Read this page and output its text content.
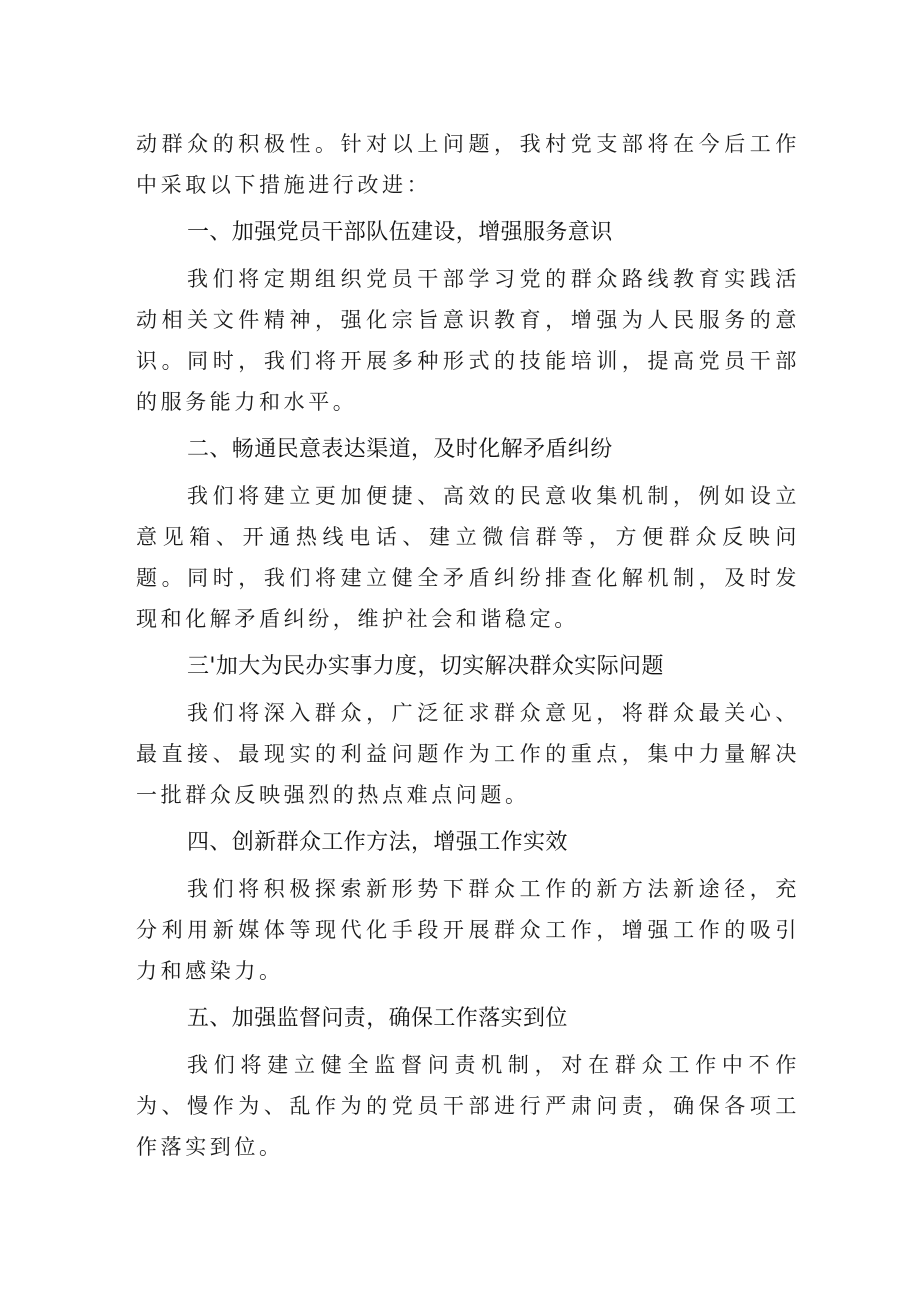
动群众的积极性。针对以上问题，我村党支部将在今后工作中采取以下措施进行改进：

一、加强党员干部队伍建设，增强服务意识

我们将定期组织党员干部学习党的群众路线教育实践活动相关文件精神，强化宗旨意识教育，增强为人民服务的意识。同时，我们将开展多种形式的技能培训，提高党员干部的服务能力和水平。

二、畅通民意表达渠道，及时化解矛盾纠纷

我们将建立更加便捷、高效的民意收集机制，例如设立意见箱、开通热线电话、建立微信群等，方便群众反映问题。同时，我们将建立健全矛盾纠纷排查化解机制，及时发现和化解矛盾纠纷，维护社会和谐稳定。

三'加大为民办实事力度，切实解决群众实际问题

我们将深入群众，广泛征求群众意见，将群众最关心、最直接、最现实的利益问题作为工作的重点，集中力量解决一批群众反映强烈的热点难点问题。

四、创新群众工作方法，增强工作实效

我们将积极探索新形势下群众工作的新方法新途径，充分利用新媒体等现代化手段开展群众工作，增强工作的吸引力和感染力。

五、加强监督问责，确保工作落实到位

我们将建立健全监督问责机制，对在群众工作中不作为、慢作为、乱作为的党员干部进行严肃问责，确保各项工作落实到位。
